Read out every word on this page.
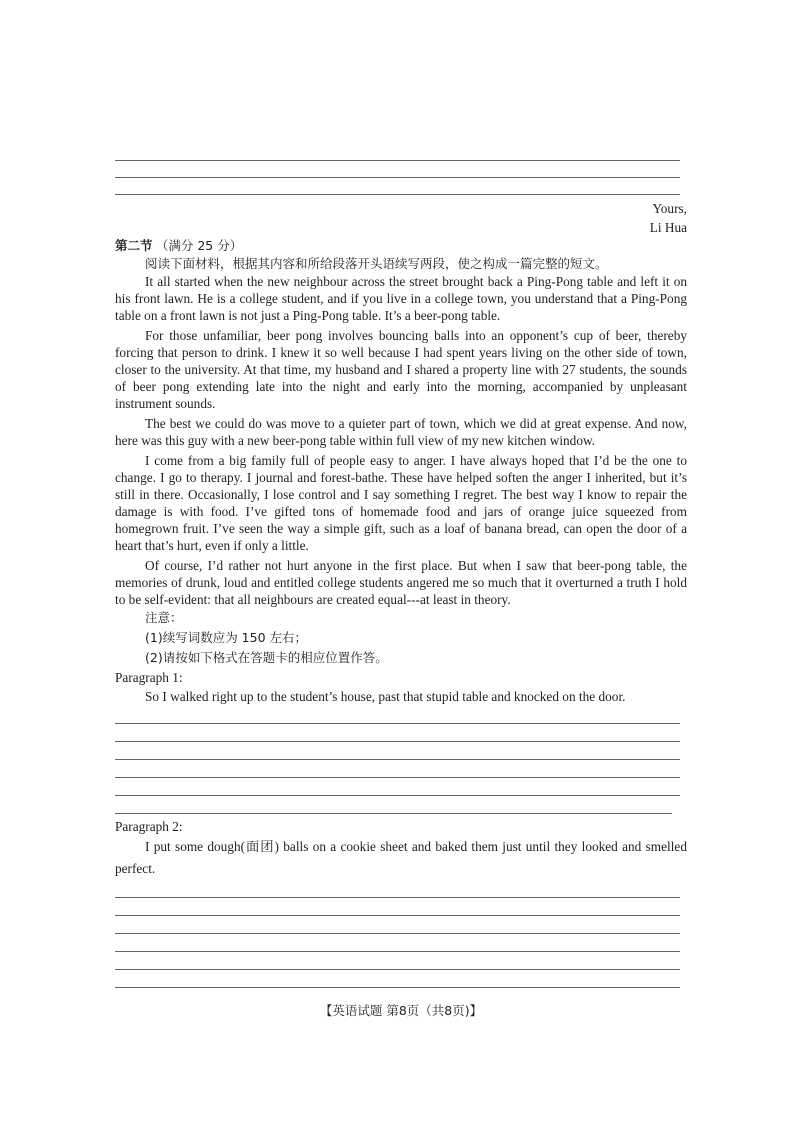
Yours,
Li Hua
第二节 （满分 25 分）
阅读下面材料，根据其内容和所给段落开头语续写两段，使之构成一篇完整的短文。

It all started when the new neighbour across the street brought back a Ping-Pong table and left it on his front lawn. He is a college student, and if you live in a college town, you understand that a Ping-Pong table on a front lawn is not just a Ping-Pong table. It’s a beer-pong table.

For those unfamiliar, beer pong involves bouncing balls into an opponent’s cup of beer, thereby forcing that person to drink. I knew it so well because I had spent years living on the other side of town, closer to the university. At that time, my husband and I shared a property line with 27 students, the sounds of beer pong extending late into the night and early into the morning, accompanied by unpleasant instrument sounds.

The best we could do was move to a quieter part of town, which we did at great expense. And now, here was this guy with a new beer-pong table within full view of my new kitchen window.

I come from a big family full of people easy to anger. I have always hoped that I’d be the one to change. I go to therapy. I journal and forest-bathe. These have helped soften the anger I inherited, but it’s still in there. Occasionally, I lose control and I say something I regret. The best way I know to repair the damage is with food. I’ve gifted tons of homemade food and jars of orange juice squeezed from homegrown fruit. I’ve seen the way a simple gift, such as a loaf of banana bread, can open the door of a heart that’s hurt, even if only a little.

Of course, I’d rather not hurt anyone in the first place. But when I saw that beer-pong table, the memories of drunk, loud and entitled college students angered me so much that it overturned a truth I hold to be self-evident: that all neighbours are created equal---at least in theory.

注意：
(1)续写词数应为 150 左右；
(2)请按如下格式在答题卡的相应位置作答。
Paragraph 1:
So I walked right up to the student’s house, past that stupid table and knocked on the door.
Paragraph 2:

I put some dough(面团) balls on a cookie sheet and baked them just until they looked and smelled perfect.

【英语试题 第8页（共8页)】
